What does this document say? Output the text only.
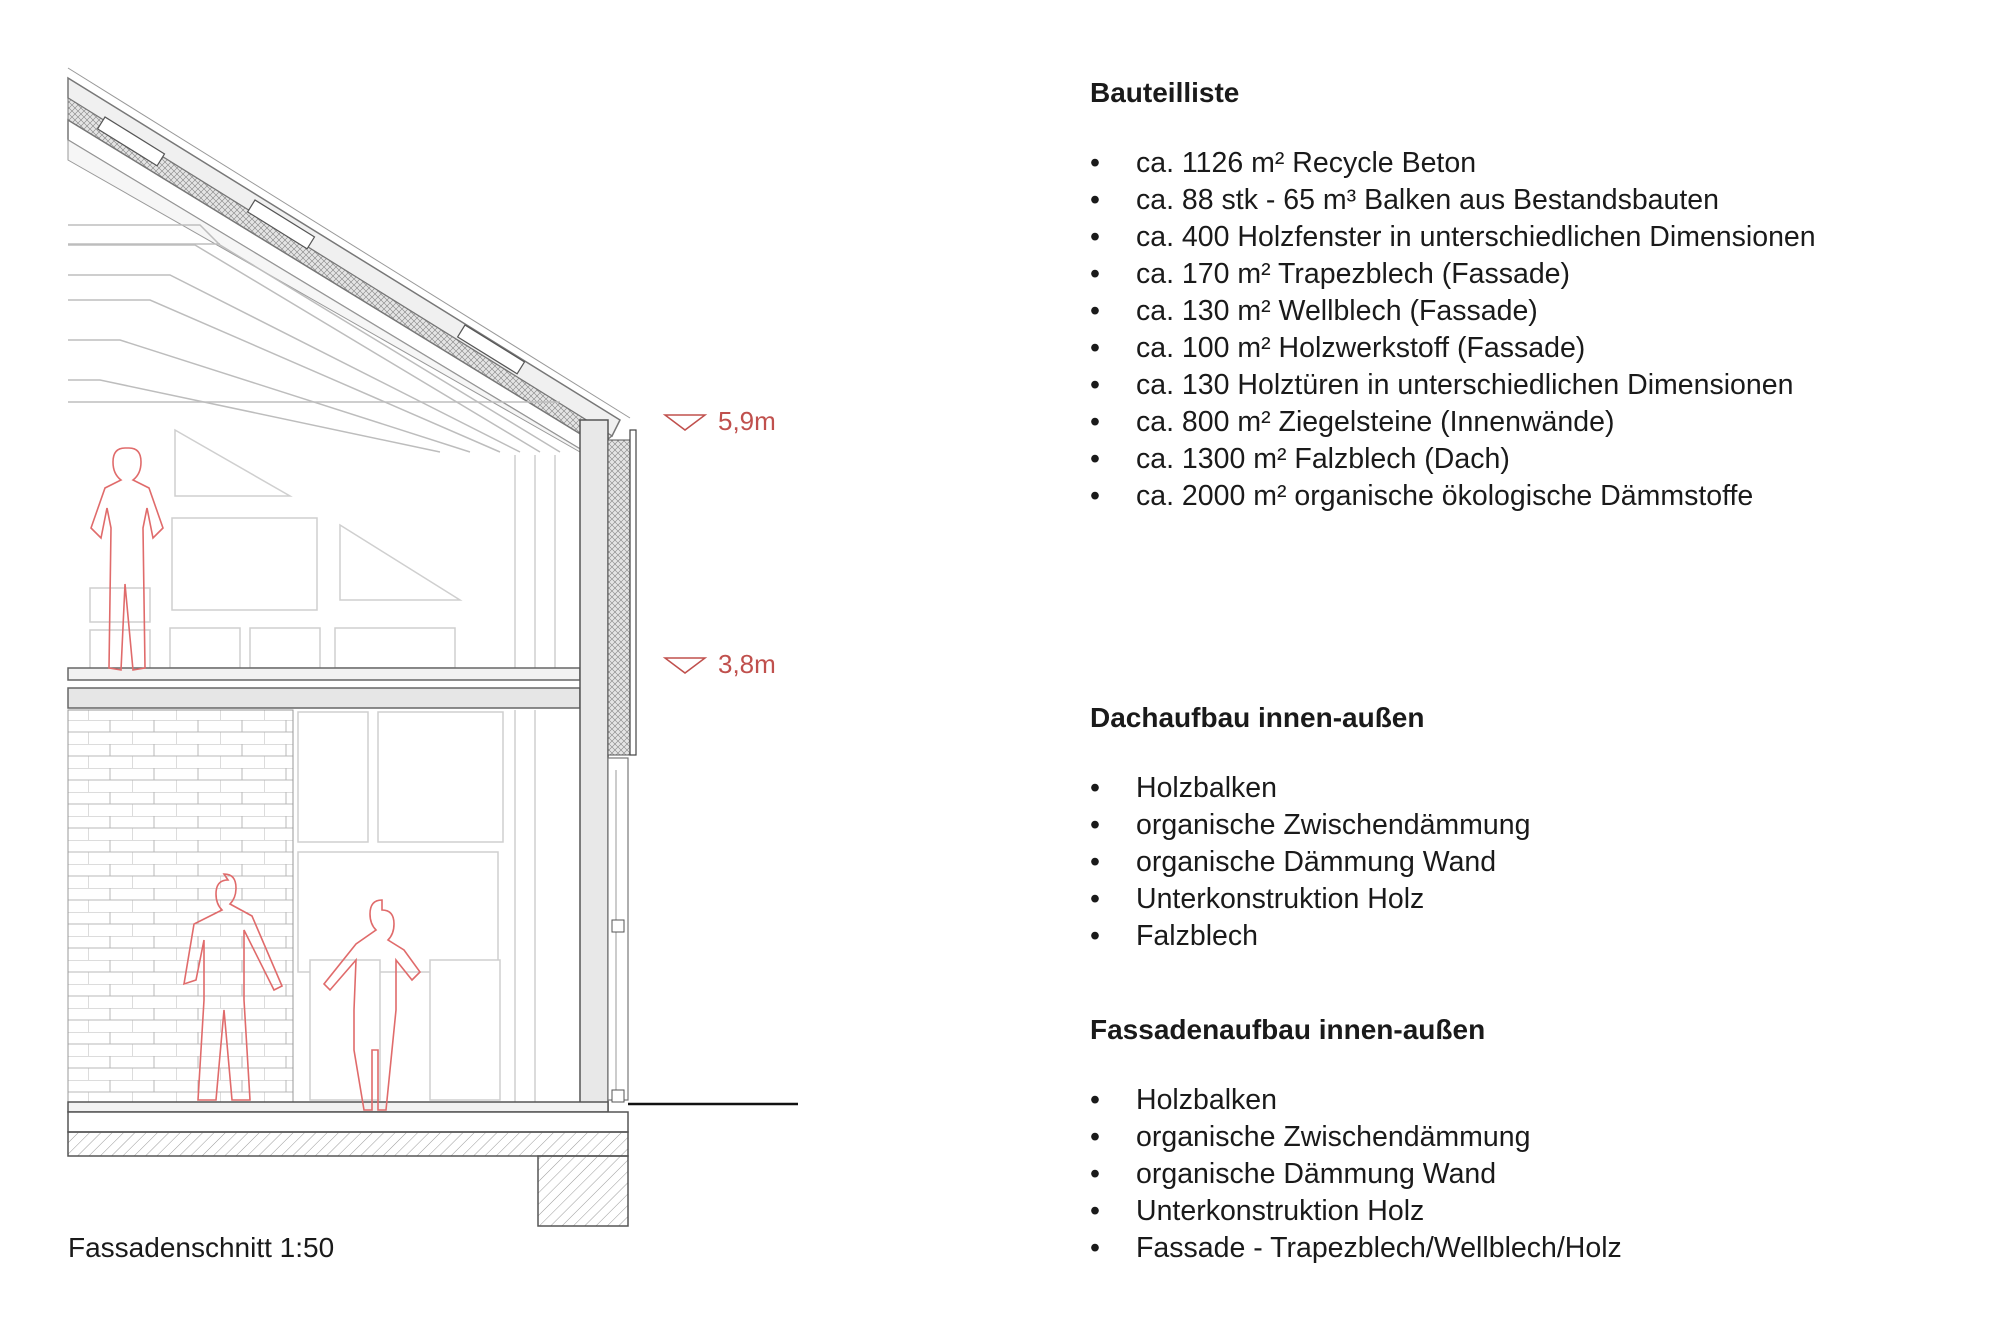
5,9m
3,8m
Fassadenschnitt 1:50
Bauteilliste
• ca. 1126 m² Recycle Beton
• ca. 88 stk - 65 m³ Balken aus Bestandsbauten
• ca. 400 Holzfenster in unterschiedlichen Dimensionen
• ca. 170 m² Trapezblech (Fassade)
• ca. 130 m² Wellblech (Fassade)
• ca. 100 m² Holzwerkstoff (Fassade)
• ca. 130 Holztüren in unterschiedlichen Dimensionen
• ca. 800 m² Ziegelsteine (Innenwände)
• ca. 1300 m² Falzblech (Dach)
• ca. 2000 m² organische ökologische Dämmstoffe
Dachaufbau innen-außen
• Holzbalken
• organische Zwischendämmung
• organische Dämmung Wand
• Unterkonstruktion Holz
• Falzblech
Fassadenaufbau innen-außen
• Holzbalken
• organische Zwischendämmung
• organische Dämmung Wand
• Unterkonstruktion Holz
• Fassade - Trapezblech/Wellblech/Holz
